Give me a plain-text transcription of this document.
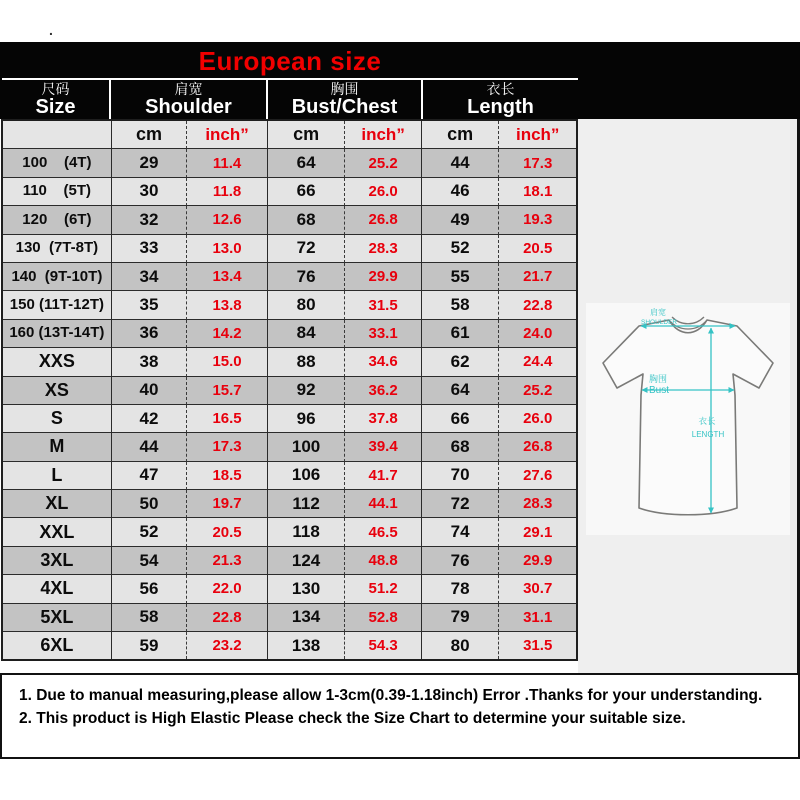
.
European size
尺码
Size
肩宽
Shoulder
胸围
Bust/Chest
衣长
Length
	cm	inch”	cm	inch”	cm	inch”
100    (4T)	29	11.4	64	25.2	44	17.3
110    (5T)	30	11.8	66	26.0	46	18.1
120    (6T)	32	12.6	68	26.8	49	19.3
130  (7T-8T)	33	13.0	72	28.3	52	20.5
140  (9T-10T)	34	13.4	76	29.9	55	21.7
150 (11T-12T)	35	13.8	80	31.5	58	22.8
160 (13T-14T)	36	14.2	84	33.1	61	24.0
XXS	38	15.0	88	34.6	62	24.4
XS	40	15.7	92	36.2	64	25.2
S	42	16.5	96	37.8	66	26.0
M	44	17.3	100	39.4	68	26.8
L	47	18.5	106	41.7	70	27.6
XL	50	19.7	112	44.1	72	28.3
XXL	52	20.5	118	46.5	74	29.1
3XL	54	21.3	124	48.8	76	29.9
4XL	56	22.0	130	51.2	78	30.7
5XL	58	22.8	134	52.8	79	31.1
6XL	59	23.2	138	54.3	80	31.5
肩宽
SHOULDER
胸围
Bust
衣长
LENGTH
1. Due to manual measuring,please allow 1-3cm(0.39-1.18inch) Error .Thanks for your understanding.
2. This product is High Elastic Please check the Size Chart to determine your suitable size.
